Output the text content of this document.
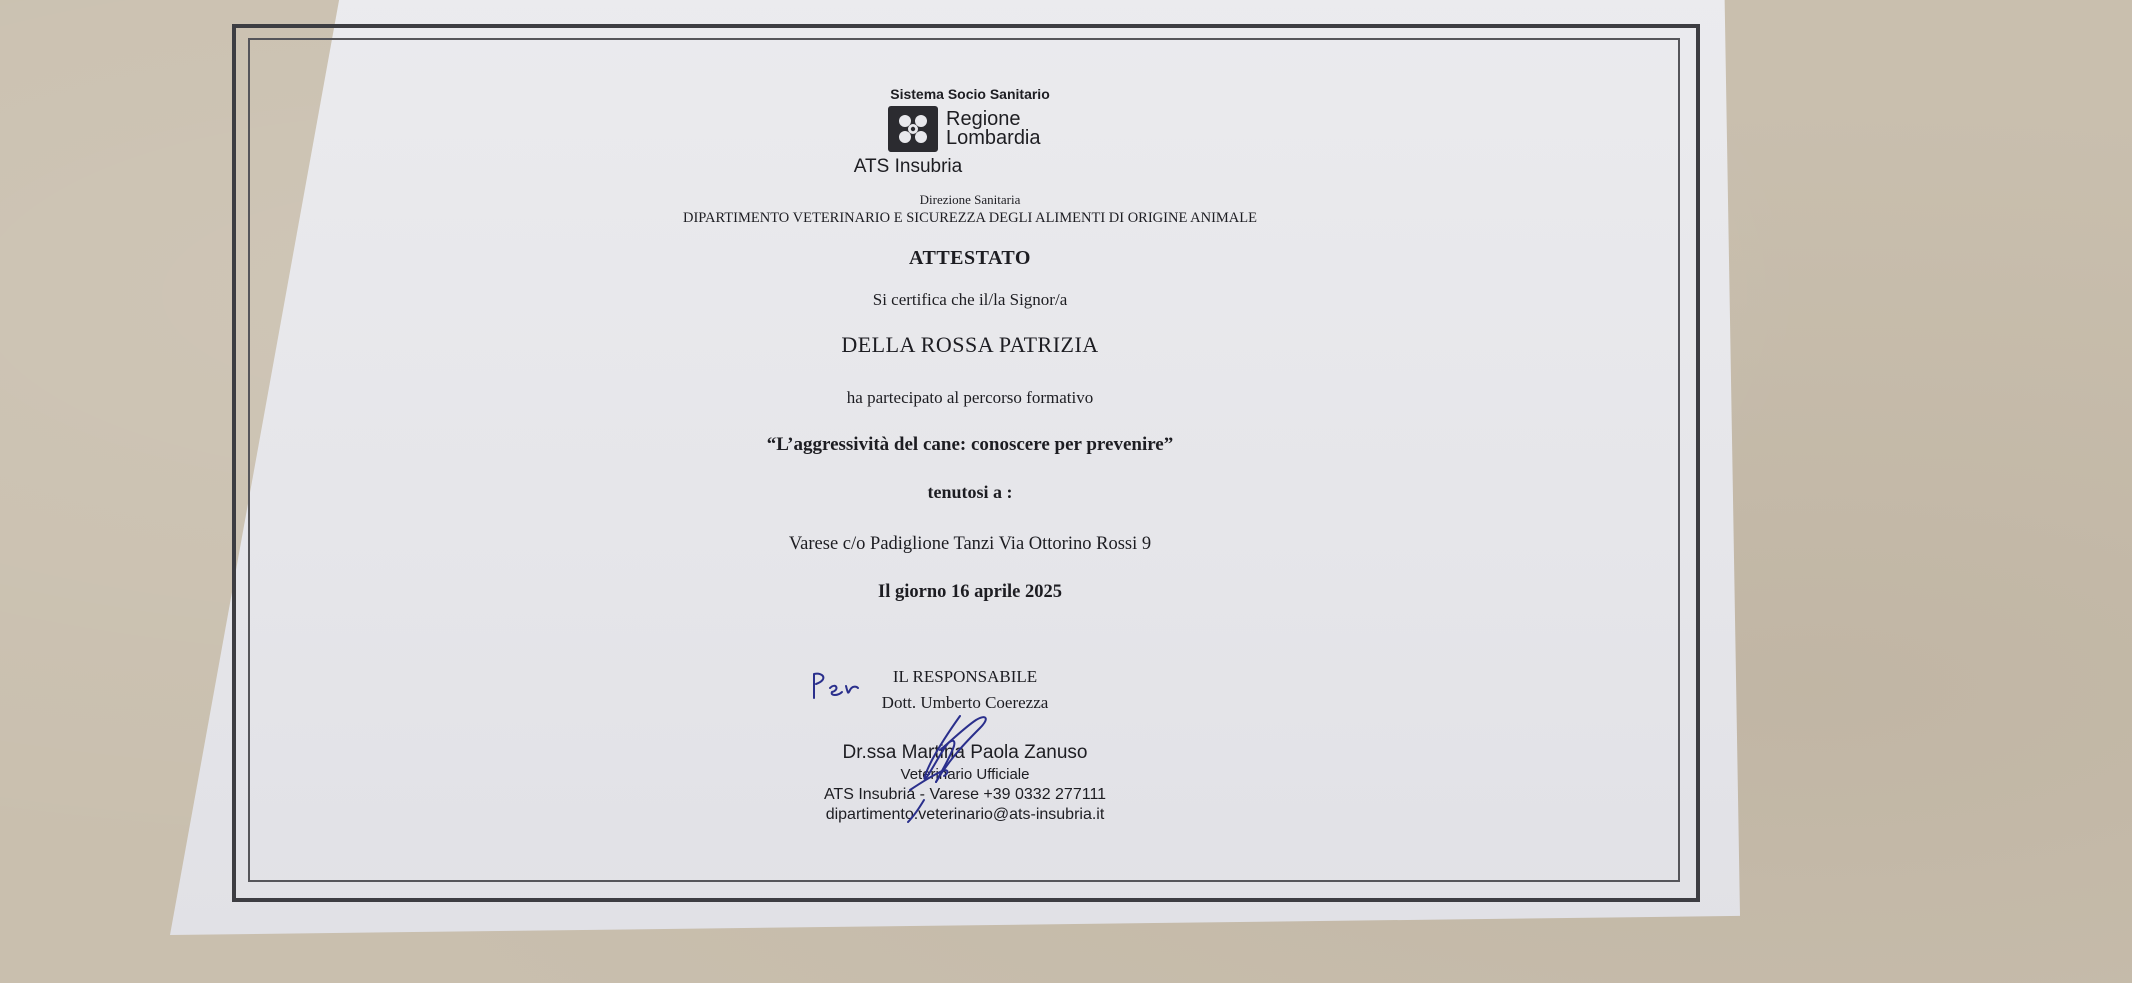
Sistema Socio Sanitario
Regione
Lombardia
ATS Insubria
Direzione Sanitaria
DIPARTIMENTO VETERINARIO E SICUREZZA DEGLI ALIMENTI DI ORIGINE ANIMALE
ATTESTATO
Si certifica che il/la Signor/a
DELLA ROSSA PATRIZIA
ha partecipato al percorso formativo
“L’aggressività del cane: conoscere per prevenire”
tenutosi a :
Varese c/o Padiglione Tanzi Via Ottorino Rossi 9
Il giorno 16 aprile 2025
IL RESPONSABILE
Dott. Umberto Coerezza
Dr.ssa Martina Paola Zanuso
Veterinario Ufficiale
ATS Insubria - Varese +39 0332 277111
dipartimento.veterinario@ats-insubria.it
